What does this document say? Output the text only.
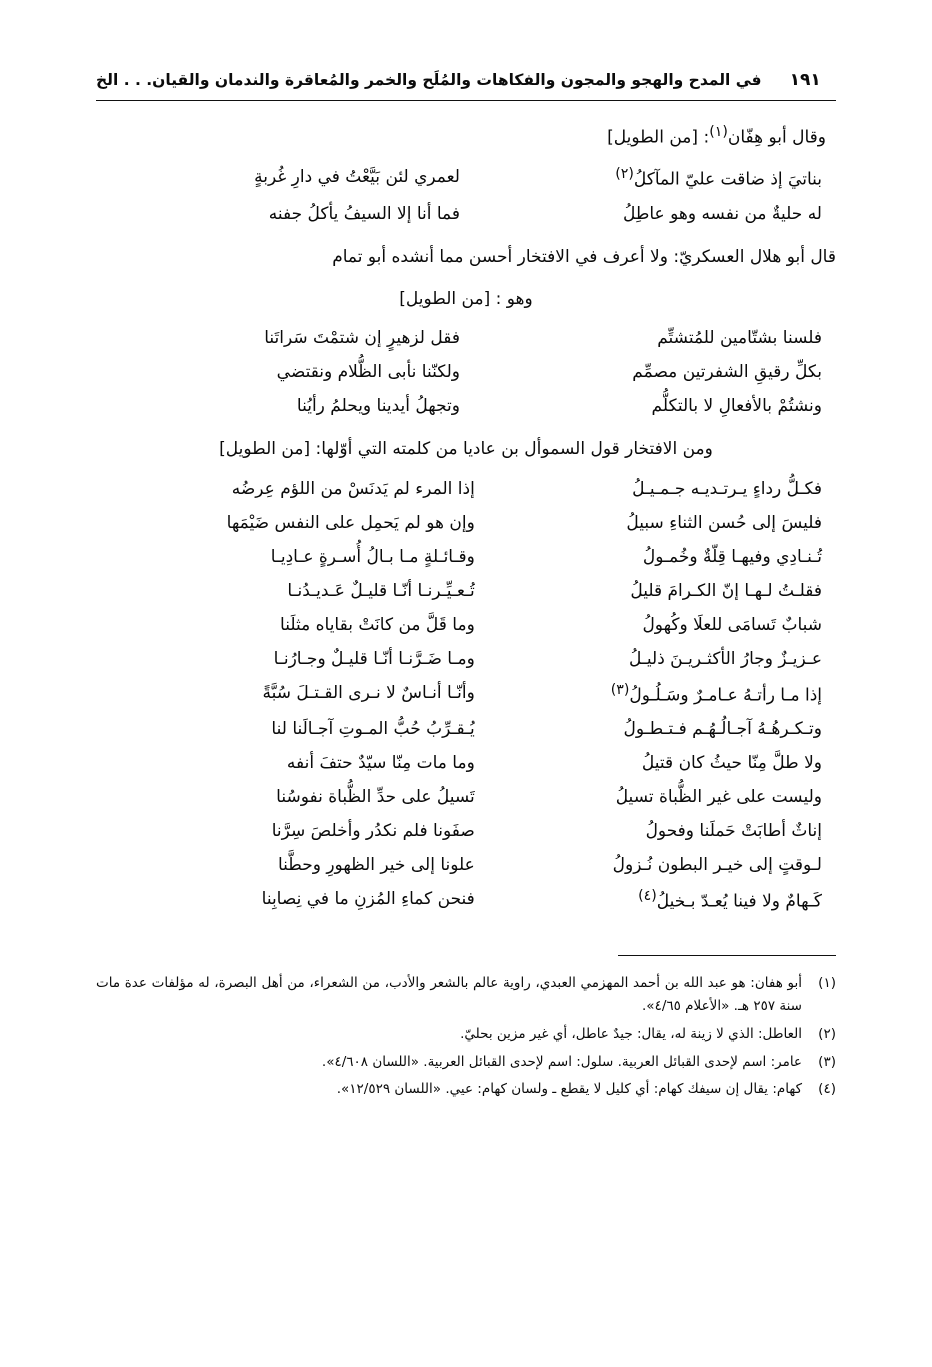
في المدح والهجو والمجون والفكاهات والمُلَح والخمر والمُعاقرة والندمان والقيان. . . الخ	١٩١
وقال أبو هِفّان$^{(١)}$: [من الطويل]
بناتيَ إذ ضاقت عليّ المآكلُ$^{(٢)}$
لعمري لئن بَيَّعْتُ في دارِ غُربةٍ
له حليةٌ من نفسه وهو عاطِلُ
فما أنا إلا السيفُ يأكلُ جفنه
قال أبو هلال العسكريّ: ولا أعرف في الافتخار أحسن مما أنشده أبو تمام
وهو : [من الطويل]
فلسنا بشتّامين للمُتشتِّم
فقل لزهيرٍ إن شتمْتَ سَراتَنا
بكلِّ رقيقِ الشفرتين مصمِّم
ولكنّنا نأبى الظُّلام ونقتضي
ونشتُمْ بالأفعالِ لا بالتكلُّم
وتجهلُ أيدينا ويحلمُ رأيُنا
ومن الافتخار قول السموأل بن عاديا من كلمته التي أوّلها: [من الطويل]
فكـلُّ رداءٍ يـرتـديـه جـمـيـلُ
إذا المرء لم يَدنَسْ من اللؤم عِرضُه
فليسَ إلى حُسن الثناءِ سبيلُ
وإن هو لم يَحمِل على النفس ضَيْمَها
تُـنـادِي وفيهـا قِلّةٌ وخُمـولُ
وقـائـلةٍ مـا بـالُ أُسـرةٍ عـادِيـا
فقلـتُ لـهـا إنّ الكـرامَ قليلُ
تُـعـيِّـرنـا أنّـا قليـلٌ عَـديـدُنـا
شبابٌ تَسامَى للعلَا وكُهولُ
وما قَلَّ من كانَتْ بقاياه مثلَنا
عـزيـزٌ وجارُ الأكثـريـنَ ذليـلُ
ومـا ضَـرَّنـا أنّـا قليـلٌ وجـارُنـا
إذا مـا رأتـهُ عـامـرٌ وسَـلُـولُ$^{(٣)}$
وأنّـا أنـاسٌ لا نـرى القـتـلَ سُبَّةً
وتـكـرهُـهُ آجـالُـهُـم فـتـطـولُ
يُـقـرِّبُ حُبُّ المـوتِ آجـالَنا لنا
ولا طلَّ مِنّا حيثُ كان قتيلُ
وما مات مِنّا سيّدٌ حتفَ أنفه
وليست على غير الظُّباة تسيلُ
تَسيلُ على حدِّ الظُّباة نفوسُنا
إناثٌ أطابَتْ حَملَنا وفحولُ
صفَونا فلم نكدُر وأخلصَ سِرَّنا
لـوقتٍ إلى خيـر البطون نُـزولُ
علونا إلى خير الظهورِ وحطَّنا
كَـهامٌ ولا فينا يُعـدّ بـخيلُ$^{(٤)}$
فنحن كماءِ المُزنِ ما في نِصابِنا
(١)
أبو هفان: هو عبد الله بن أحمد المهزمي العبدي، راوية عالم بالشعر والأدب، من الشعراء، من أهل البصرة، له مؤلفات عدة مات سنة ٢٥٧ هـ. «الأعلام ٤/٦٥».
(٢)
العاطل: الذي لا زينة له، يقال: جيدٌ عاطل، أي غير مزين بحليّ.
(٣)
عامر: اسم لإحدى القبائل العربية. سلول: اسم لإحدى القبائل العربية. «اللسان ٤/٦٠٨».
(٤)
كهام: يقال إن سيفك كهام: أي كليل لا يقطع ـ ولسان كهام: عيي. «اللسان ١٢/٥٢٩».
